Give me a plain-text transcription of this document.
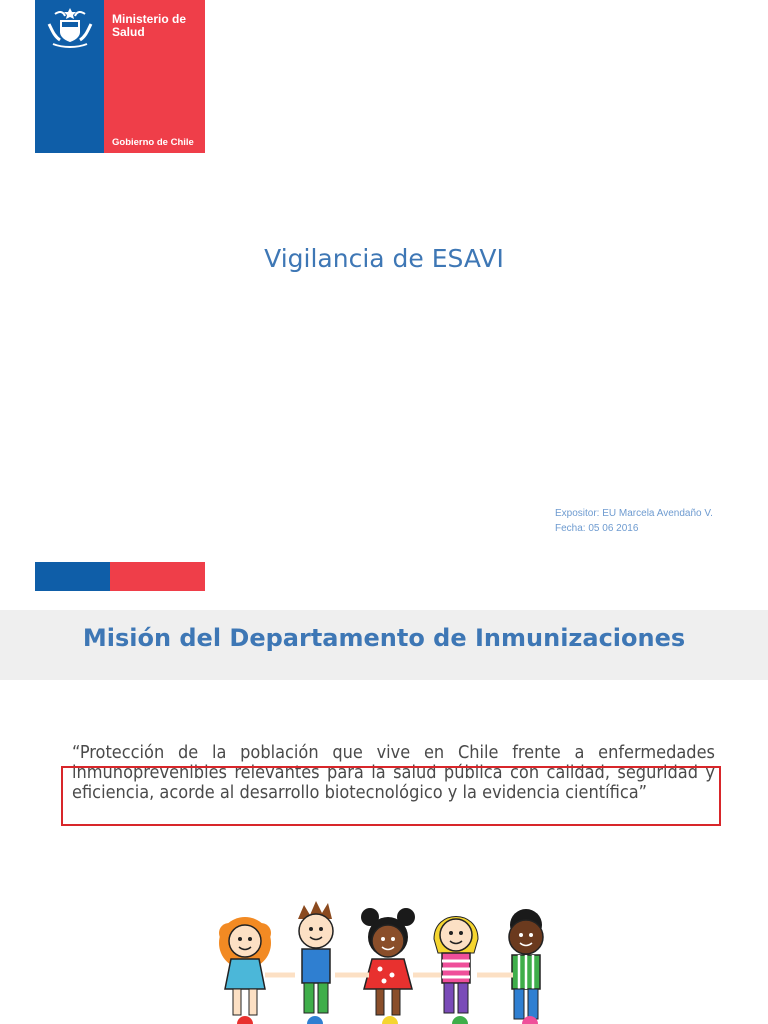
Ministerio de Salud
Gobierno de Chile
Vigilancia de ESAVI
Expositor: EU Marcela Avendaño V.
Fecha: 05 06 2016
Misión del Departamento de Inmunizaciones
“Protección de la población que vive en Chile frente a enfermedades inmunoprevenibles relevantes para la salud pública con calidad, seguridad y eficiencia, acorde al desarrollo biotecnológico y la evidencia científica”
